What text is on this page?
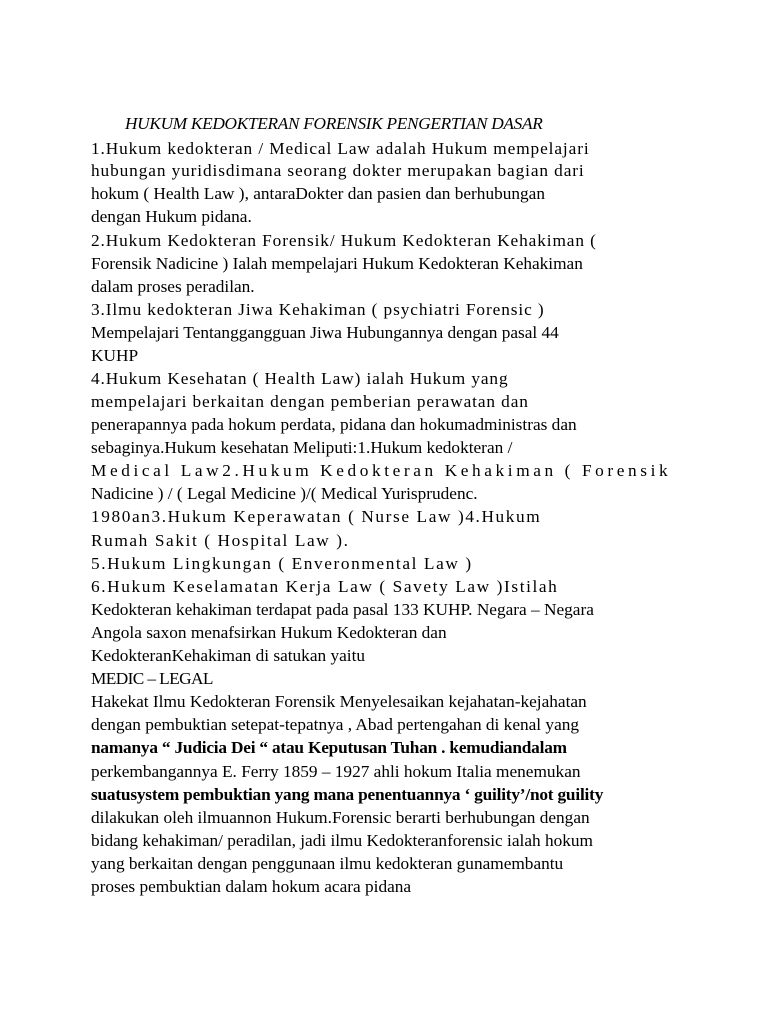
HUKUM KEDOKTERAN FORENSIK PENGERTIAN DASAR
1.Hukum kedokteran / Medical Law adalah Hukum mempelajari
hubungan yuridisdimana seorang dokter merupakan bagian dari
hokum ( Health Law ), antaraDokter dan pasien dan berhubungan
dengan Hukum pidana.
2.Hukum Kedokteran Forensik/ Hukum Kedokteran Kehakiman (
Forensik Nadicine ) Ialah mempelajari Hukum Kedokteran Kehakiman
dalam proses peradilan.
3.Ilmu kedokteran Jiwa Kehakiman ( psychiatri Forensic )
Mempelajari Tentanggangguan Jiwa Hubungannya dengan pasal 44
KUHP
4.Hukum Kesehatan ( Health Law) ialah Hukum yang
mempelajari berkaitan dengan pemberian perawatan dan
penerapannya pada hokum perdata, pidana dan hokumadministras dan
sebaginya.Hukum kesehatan Meliputi:1.Hukum kedokteran /
Medical Law2.Hukum Kedokteran Kehakiman ( Forensik
Nadicine ) / ( Legal Medicine )/( Medical Yurisprudenc.
1980an3.Hukum Keperawatan ( Nurse Law )4.Hukum
Rumah Sakit ( Hospital Law ).
5.Hukum Lingkungan ( Enveronmental Law )
6.Hukum Keselamatan Kerja Law ( Savety Law )Istilah
Kedokteran kehakiman terdapat pada pasal 133 KUHP. Negara – Negara
Angola saxon menafsirkan Hukum Kedokteran dan
KedokteranKehakiman di satukan yaitu
MEDIC – LEGAL
Hakekat Ilmu Kedokteran Forensik Menyelesaikan kejahatan-kejahatan
dengan pembuktian setepat-tepatnya , Abad pertengahan di kenal yang
namanya “ Judicia Dei “ atau Keputusan Tuhan . kemudiandalam
perkembangannya E. Ferry 1859 – 1927 ahli hokum Italia menemukan
suatusystem pembuktian yang mana penentuannya ‘ guility’/not guility
dilakukan oleh ilmuannon Hukum.Forensic berarti berhubungan dengan
bidang kehakiman/ peradilan, jadi ilmu Kedokteranforensic ialah hokum
yang berkaitan dengan penggunaan ilmu kedokteran gunamembantu
proses pembuktian dalam hokum acara pidana
